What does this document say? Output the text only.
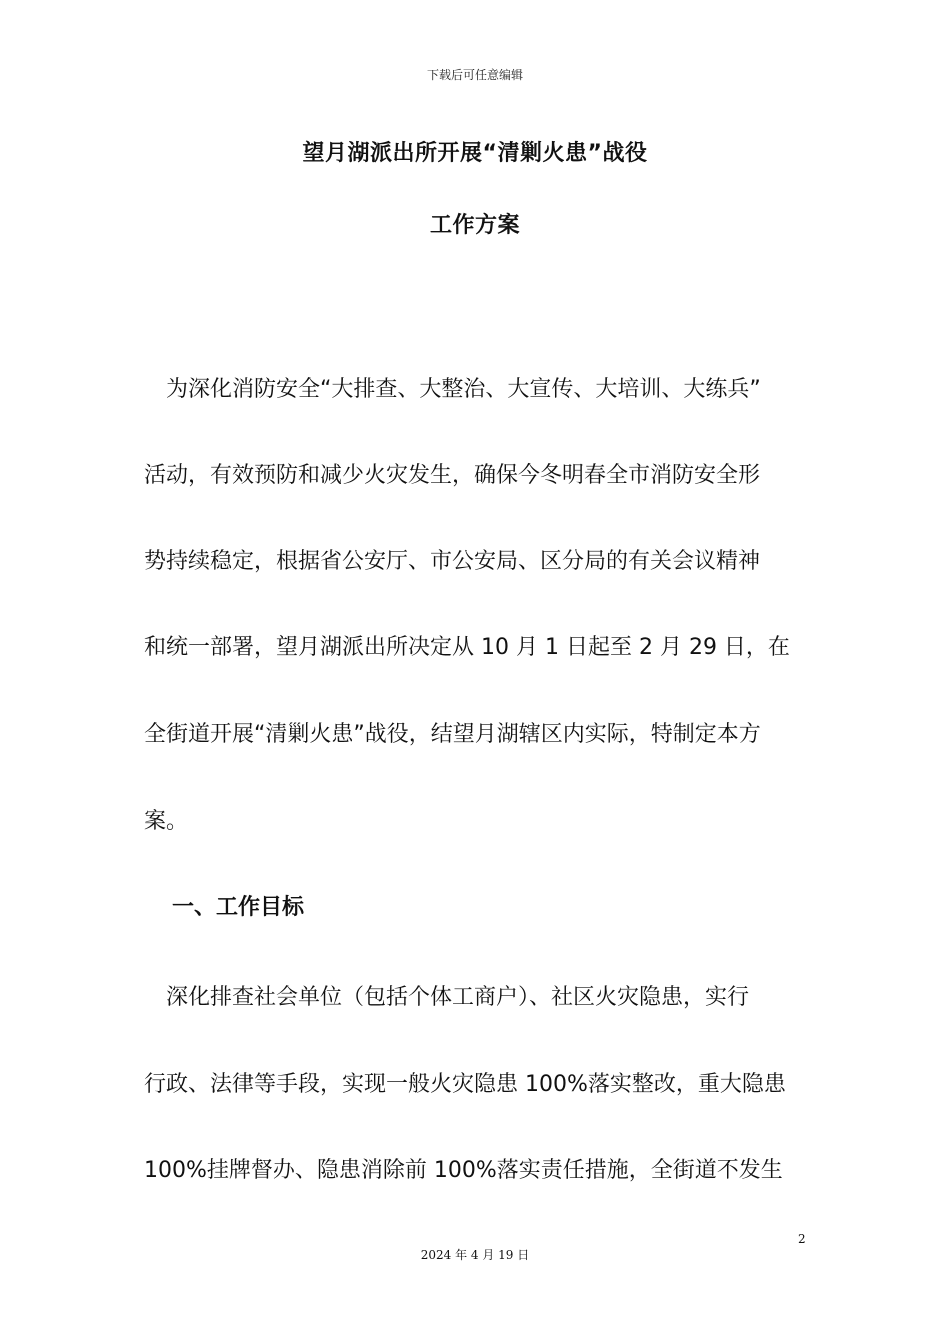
下载后可任意编辑
望月湖派出所开展“清剿火患”战役
工作方案
　为深化消防安全“大排查、大整治、大宣传、大培训、大练兵”
活动，有效预防和减少火灾发生，确保今冬明春全市消防安全形
势持续稳定，根据省公安厅、市公安局、区分局的有关会议精神
和统一部署，望月湖派出所决定从 10 月 1 日起至 2 月 29 日，在
全街道开展“清剿火患”战役，结望月湖辖区内实际，特制定本方
案。
一、工作目标
　深化排查社会单位（包括个体工商户）、社区火灾隐患，实行
行政、法律等手段，实现一般火灾隐患 100%落实整改，重大隐患
100%挂牌督办、隐患消除前 100%落实责任措施，全街道不发生
2
2024 年 4 月 19 日
